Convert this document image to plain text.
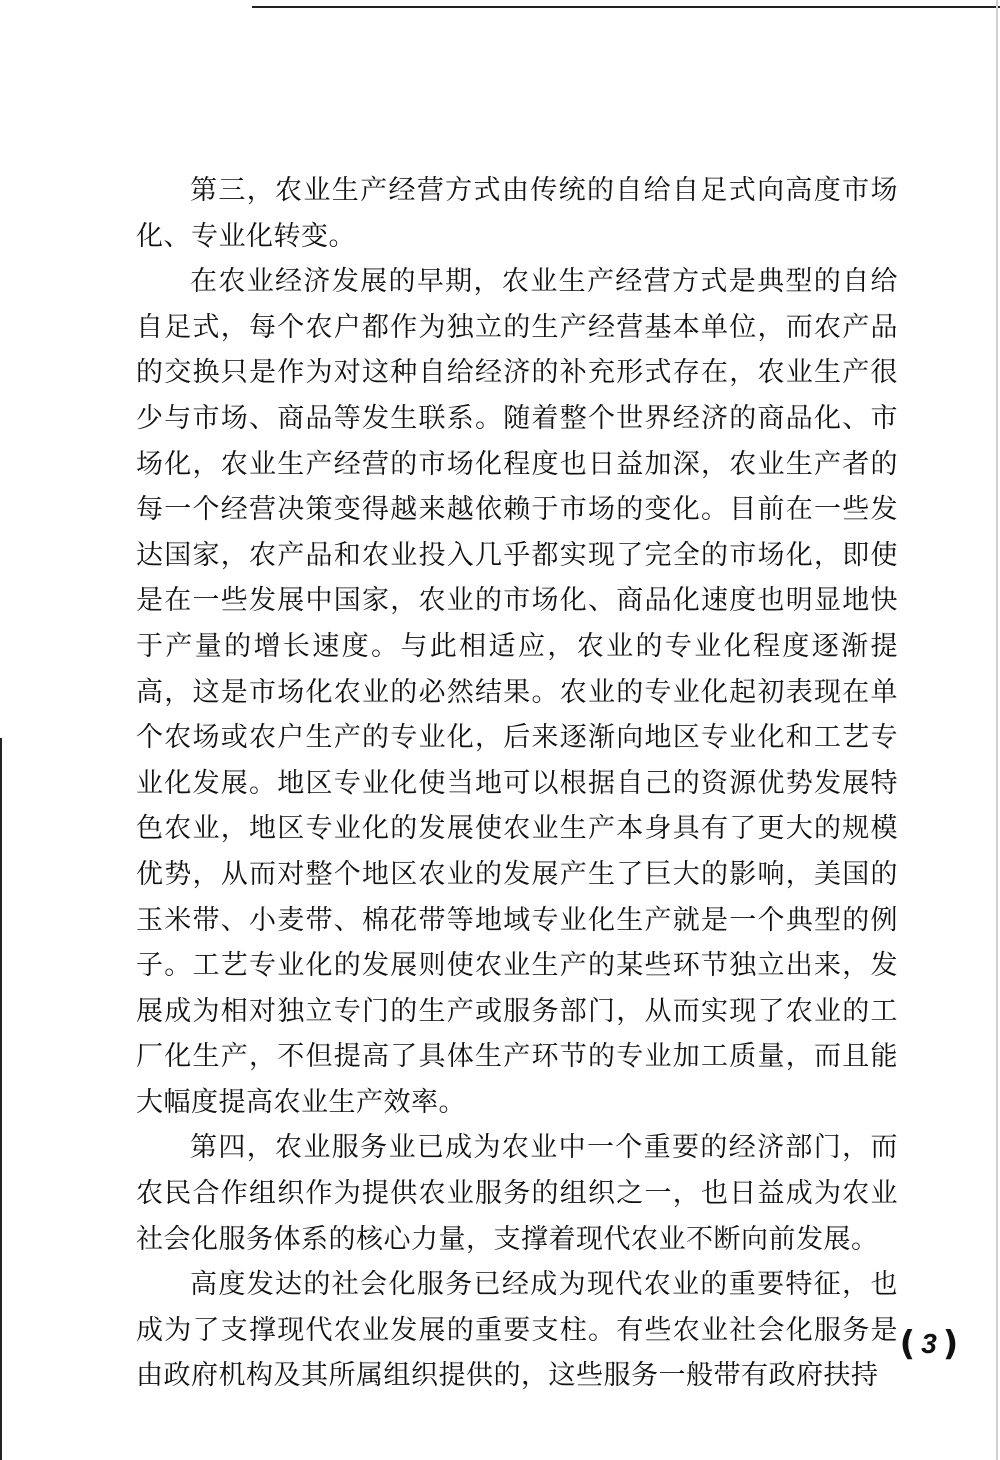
第三，农业生产经营方式由传统的自给自足式向高度市场化、专业化转变。

在农业经济发展的早期，农业生产经营方式是典型的自给自足式，每个农户都作为独立的生产经营基本单位，而农产品的交换只是作为对这种自给经济的补充形式存在，农业生产很少与市场、商品等发生联系。随着整个世界经济的商品化、市场化，农业生产经营的市场化程度也日益加深，农业生产者的每一个经营决策变得越来越依赖于市场的变化。目前在一些发达国家，农产品和农业投入几乎都实现了完全的市场化，即使是在一些发展中国家，农业的市场化、商品化速度也明显地快于产量的增长速度。与此相适应，农业的专业化程度逐渐提高，这是市场化农业的必然结果。农业的专业化起初表现在单个农场或农户生产的专业化，后来逐渐向地区专业化和工艺专业化发展。地区专业化使当地可以根据自己的资源优势发展特色农业，地区专业化的发展使农业生产本身具有了更大的规模优势，从而对整个地区农业的发展产生了巨大的影响，美国的玉米带、小麦带、棉花带等地域专业化生产就是一个典型的例子。工艺专业化的发展则使农业生产的某些环节独立出来，发展成为相对独立专门的生产或服务部门，从而实现了农业的工厂化生产，不但提高了具体生产环节的专业加工质量，而且能大幅度提高农业生产效率。

第四，农业服务业已成为农业中一个重要的经济部门，而农民合作组织作为提供农业服务的组织之一，也日益成为农业社会化服务体系的核心力量，支撑着现代农业不断向前发展。

高度发达的社会化服务已经成为现代农业的重要特征，也成为了支撑现代农业发展的重要支柱。有些农业社会化服务是由政府机构及其所属组织提供的，这些服务一般带有政府扶持

( 3 )
